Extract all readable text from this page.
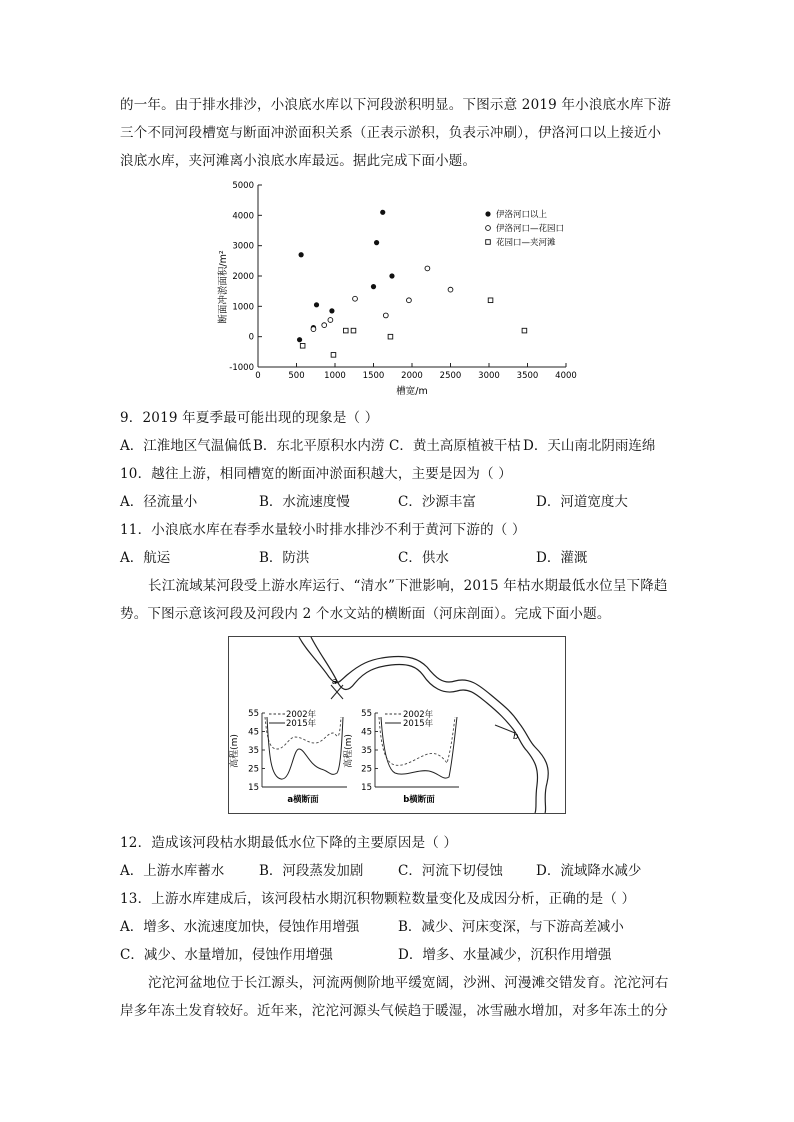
的一年。由于排水排沙，小浪底水库以下河段淤积明显。下图示意 2019 年小浪底水库下游
三个不同河段槽宽与断面冲淤面积关系（正表示淤积，负表示冲刷），伊洛河口以上接近小
浪底水库，夹河滩离小浪底水库最远。据此完成下面小题。
0	500 1000 1500 2000 2500 3000 3500 4000
5000
4000
3000
2000
1000
0
-1000
伊洛河口以上
伊洛河口—花园口
花园口—夹河滩
槽宽/m
断面冲淤面积/m²
9．2019 年夏季最可能出现的现象是（ ）
A．江淮地区气温偏低 B．东北平原积水内涝 C．黄土高原植被干枯 D．天山南北阴雨连绵
10．越往上游，相同槽宽的断面冲淤面积越大，主要是因为（ ）
A．径流量小	B．水流速度慢	C．沙源丰富	D．河道宽度大
11．小浪底水库在春季水量较小时排水排沙不利于黄河下游的（ ）
A．航运	B．防洪	C．供水	D．灌溉
长江流域某河段受上游水库运行、“清水”下泄影响，2015 年枯水期最低水位呈下降趋
势。下图示意该河段及河段内 2 个水文站的横断面（河床剖面）。完成下面小题。
a
b
55
45
35
25
15
高程(m)
2002年
2015年
a横断面
55
45
35
25
15
高程(m)
2002年
2015年
b横断面
12．造成该河段枯水期最低水位下降的主要原因是（ ）
A．上游水库蓄水	B．河段蒸发加剧	C．河流下切侵蚀 D．流域降水减少
13．上游水库建成后，该河段枯水期沉积物颗粒数量变化及成因分析，正确的是（ ）
A．增多、水流速度加快，侵蚀作用增强	B．减少、河床变深，与下游高差减小
C．减少、水量增加，侵蚀作用增强	D．增多、水量减少，沉积作用增强
沱沱河盆地位于长江源头，河流两侧阶地平缓宽阔，沙洲、河漫滩交错发育。沱沱河右
岸多年冻土发育较好。近年来，沱沱河源头气候趋于暖湿，冰雪融水增加，对多年冻土的分
